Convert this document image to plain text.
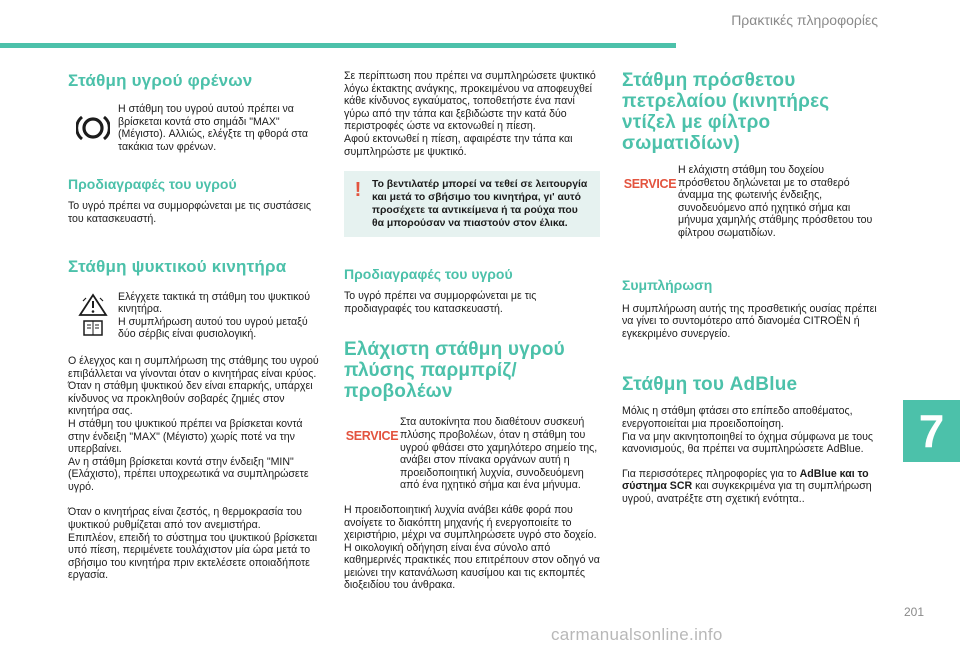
Πρακτικές πληροφορίες
Στάθμη υγρού φρένων

Η στάθμη του υγρού αυτού πρέπει να βρίσκεται κοντά στο σημάδι "MAX" (Μέγιστο). Αλλιώς, ελέγξτε τη φθορά στα τακάκια των φρένων.

Προδιαγραφές του υγρού

Το υγρό πρέπει να συμμορφώνεται με τις συστάσεις του κατασκευαστή.

Στάθμη ψυκτικού κινητήρα

Ελέγχετε τακτικά τη στάθμη του ψυκτικού κινητήρα.
Η συμπλήρωση αυτού του υγρού μεταξύ δύο σέρβις είναι φυσιολογική.

Ο έλεγχος και η συμπλήρωση της στάθμης του υγρού επιβάλλεται να γίνονται όταν ο κινητήρας είναι κρύος.
Όταν η στάθμη ψυκτικού δεν είναι επαρκής, υπάρχει κίνδυνος να προκληθούν σοβαρές ζημιές στον κινητήρα σας.
Η στάθμη του ψυκτικού πρέπει να βρίσκεται κοντά στην ένδειξη "MAX" (Μέγιστο) χωρίς ποτέ να την υπερβαίνει.
Αν η στάθμη βρίσκεται κοντά στην ένδειξη "MIN" (Ελάχιστο), πρέπει υποχρεωτικά να συμπληρώσετε υγρό.

Όταν ο κινητήρας είναι ζεστός, η θερμοκρασία του ψυκτικού ρυθμίζεται από τον ανεμιστήρα.
Επιπλέον, επειδή το σύστημα του ψυκτικού βρίσκεται υπό πίεση, περιμένετε τουλάχιστον μία ώρα μετά το σβήσιμο του κινητήρα πριν εκτελέσετε οποιαδήποτε εργασία.

Σε περίπτωση που πρέπει να συμπληρώσετε ψυκτικό λόγω έκτακτης ανάγκης, προκειμένου να αποφευχθεί κάθε κίνδυνος εγκαύματος, τοποθετήστε ένα πανί γύρω από την τάπα και ξεβιδώστε την κατά δύο περιστροφές ώστε να εκτονωθεί η πίεση.
Αφού εκτονωθεί η πίεση, αφαιρέστε την τάπα και συμπληρώστε με ψυκτικό.

! Το βεντιλατέρ μπορεί να τεθεί σε λειτουργία και μετά το σβήσιμο του κινητήρα, γι' αυτό προσέχετε τα αντικείμενα ή τα ρούχα που θα μπορούσαν να πιαστούν στον έλικα.

Προδιαγραφές του υγρού

Το υγρό πρέπει να συμμορφώνεται με τις προδιαγραφές του κατασκευαστή.

Ελάχιστη στάθμη υγρού πλύσης παρμπρίζ/προβολέων
SERVICE

Στα αυτοκίνητα που διαθέτουν συσκευή πλύσης προβολέων, όταν η στάθμη του υγρού φθάσει στο χαμηλότερο σημείο της, ανάβει στον πίνακα οργάνων αυτή η προειδοποιητική λυχνία, συνοδευόμενη από ένα ηχητικό σήμα και ένα μήνυμα.

Η προειδοποιητική λυχνία ανάβει κάθε φορά που ανοίγετε το διακόπτη μηχανής ή ενεργοποιείτε το χειριστήριο, μέχρι να συμπληρώσετε υγρό στο δοχείο.
Η οικολογική οδήγηση είναι ένα σύνολο από καθημερινές πρακτικές που επιτρέπουν στον οδηγό να μειώνει την κατανάλωση καυσίμου και τις εκπομπές διοξειδίου του άνθρακα.

Στάθμη πρόσθετου πετρελαίου (κινητήρες ντίζελ με φίλτρο σωματιδίων)
SERVICE

Η ελάχιστη στάθμη του δοχείου πρόσθετου δηλώνεται με το σταθερό άναμμα της φωτεινής ένδειξης, συνοδευόμενο από ηχητικό σήμα και μήνυμα χαμηλής στάθμης πρόσθετου του φίλτρου σωματιδίων.

Συμπλήρωση

Η συμπλήρωση αυτής της προσθετικής ουσίας πρέπει να γίνει το συντομότερο από διανομέα CITROËN ή εγκεκριμένο συνεργείο.

Στάθμη του AdBlue

Μόλις η στάθμη φτάσει στο επίπεδο αποθέματος, ενεργοποιείται μια προειδοποίηση.
Για να μην ακινητοποιηθεί το όχημα σύμφωνα με τους κανονισμούς, θα πρέπει να συμπληρώσετε AdBlue.

Για περισσότερες πληροφορίες για το AdBlue και το σύστημα SCR και συγκεκριμένα για τη συμπλήρωση υγρού, ανατρέξτε στη σχετική ενότητα..

7
201
carmanualsonline.info
